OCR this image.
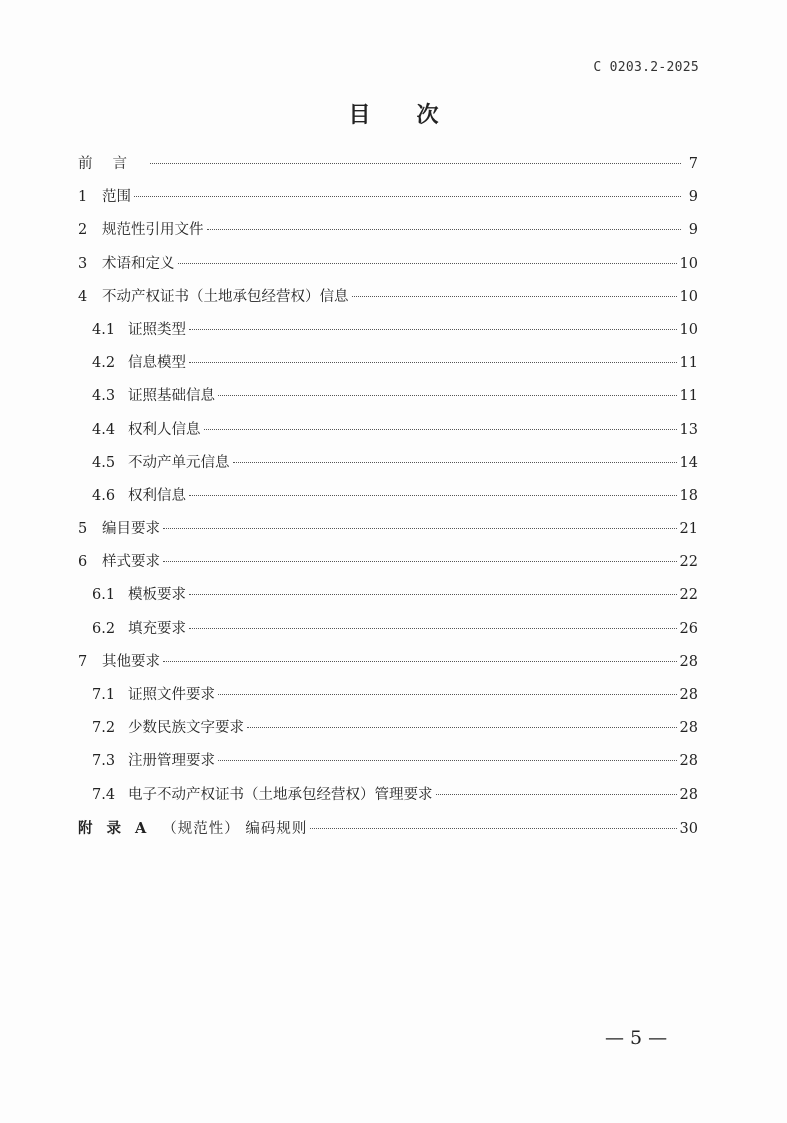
C 0203.2-2025
目 次
前言	7
1	范围	9
2	规范性引用文件	9
3	术语和定义	10
4	不动产权证书（土地承包经营权）信息	10
4.1 证照类型	10
4.2 信息模型	11
4.3 证照基础信息	11
4.4 权利人信息	13
4.5 不动产单元信息	14
4.6 权利信息	18
5	编目要求	21
6	样式要求	22
6.1 模板要求	22
6.2 填充要求	26
7	其他要求	28
7.1 证照文件要求	28
7.2 少数民族文字要求	28
7.3 注册管理要求	28
7.4 电子不动产权证书（土地承包经营权）管理要求	28
附录A （规范性） 编码规则	30
— 5 —
